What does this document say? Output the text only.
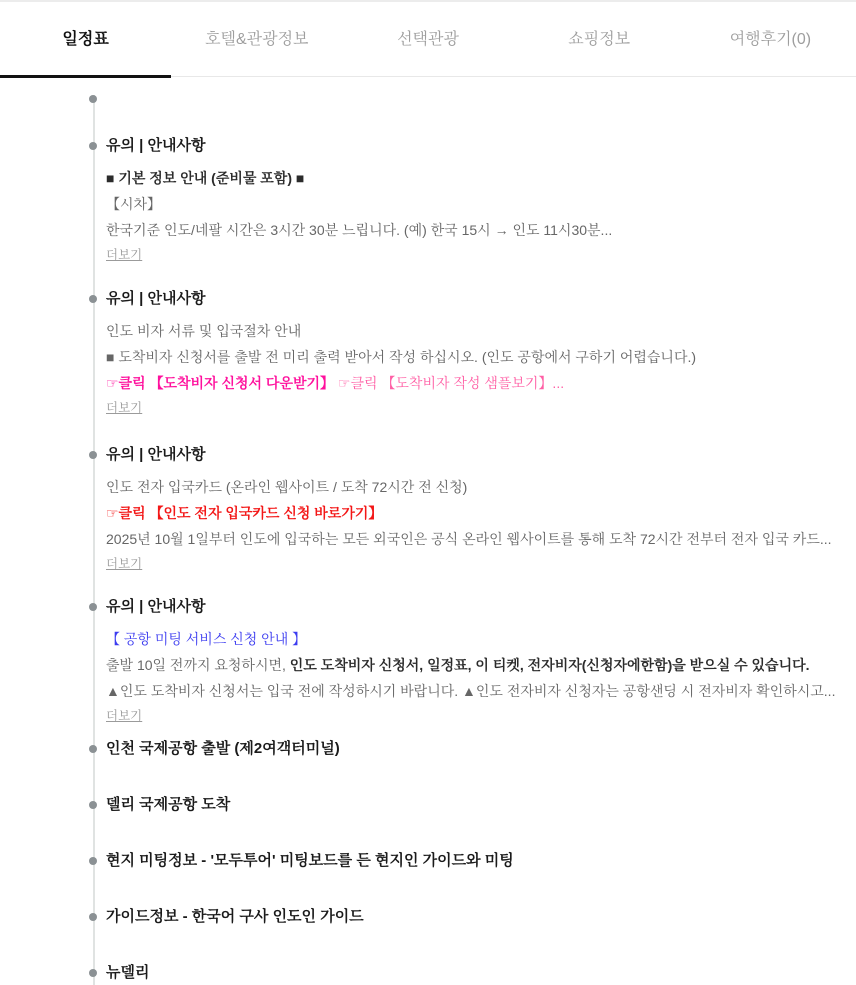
일정표	호텔&관광정보	선택관광	쇼핑정보	여행후기(0)
유의 | 안내사항
■ 기본 정보 안내 (준비물 포함) ■
【시차】
한국기준 인도/네팔 시간은 3시간 30분 느립니다. (예) 한국 15시 → 인도 11시30분...
더보기
유의 | 안내사항
인도 비자 서류 및 입국절차 안내
■ 도착비자 신청서를 출발 전 미리 출력 받아서 작성 하십시오. (인도 공항에서 구하기 어렵습니다.)
☞클릭 【도착비자 신청서 다운받기】 ☞클릭 【도착비자 작성 샘플보기】...
더보기
유의 | 안내사항
인도 전자 입국카드 (온라인 웹사이트 / 도착 72시간 전 신청)
☞클릭 【인도 전자 입국카드 신청 바로가기】
2025년 10월 1일부터 인도에 입국하는 모든 외국인은 공식 온라인 웹사이트를 통해 도착 72시간 전부터 전자 입국 카드...
더보기
유의 | 안내사항
【 공항 미팅 서비스 신청 안내 】
출발 10일 전까지 요청하시면, 인도 도착비자 신청서, 일정표, 이 티켓, 전자비자(신청자에한함)을 받으실 수 있습니다.
▲인도 도착비자 신청서는 입국 전에 작성하시기 바랍니다. ▲인도 전자비자 신청자는 공항샌딩 시 전자비자 확인하시고...
더보기
인천 국제공항 출발 (제2여객터미널)
델리 국제공항 도착
현지 미팅정보 - '모두투어' 미팅보드를 든 현지인 가이드와 미팅
가이드정보 - 한국어 구사 인도인 가이드
뉴델리
